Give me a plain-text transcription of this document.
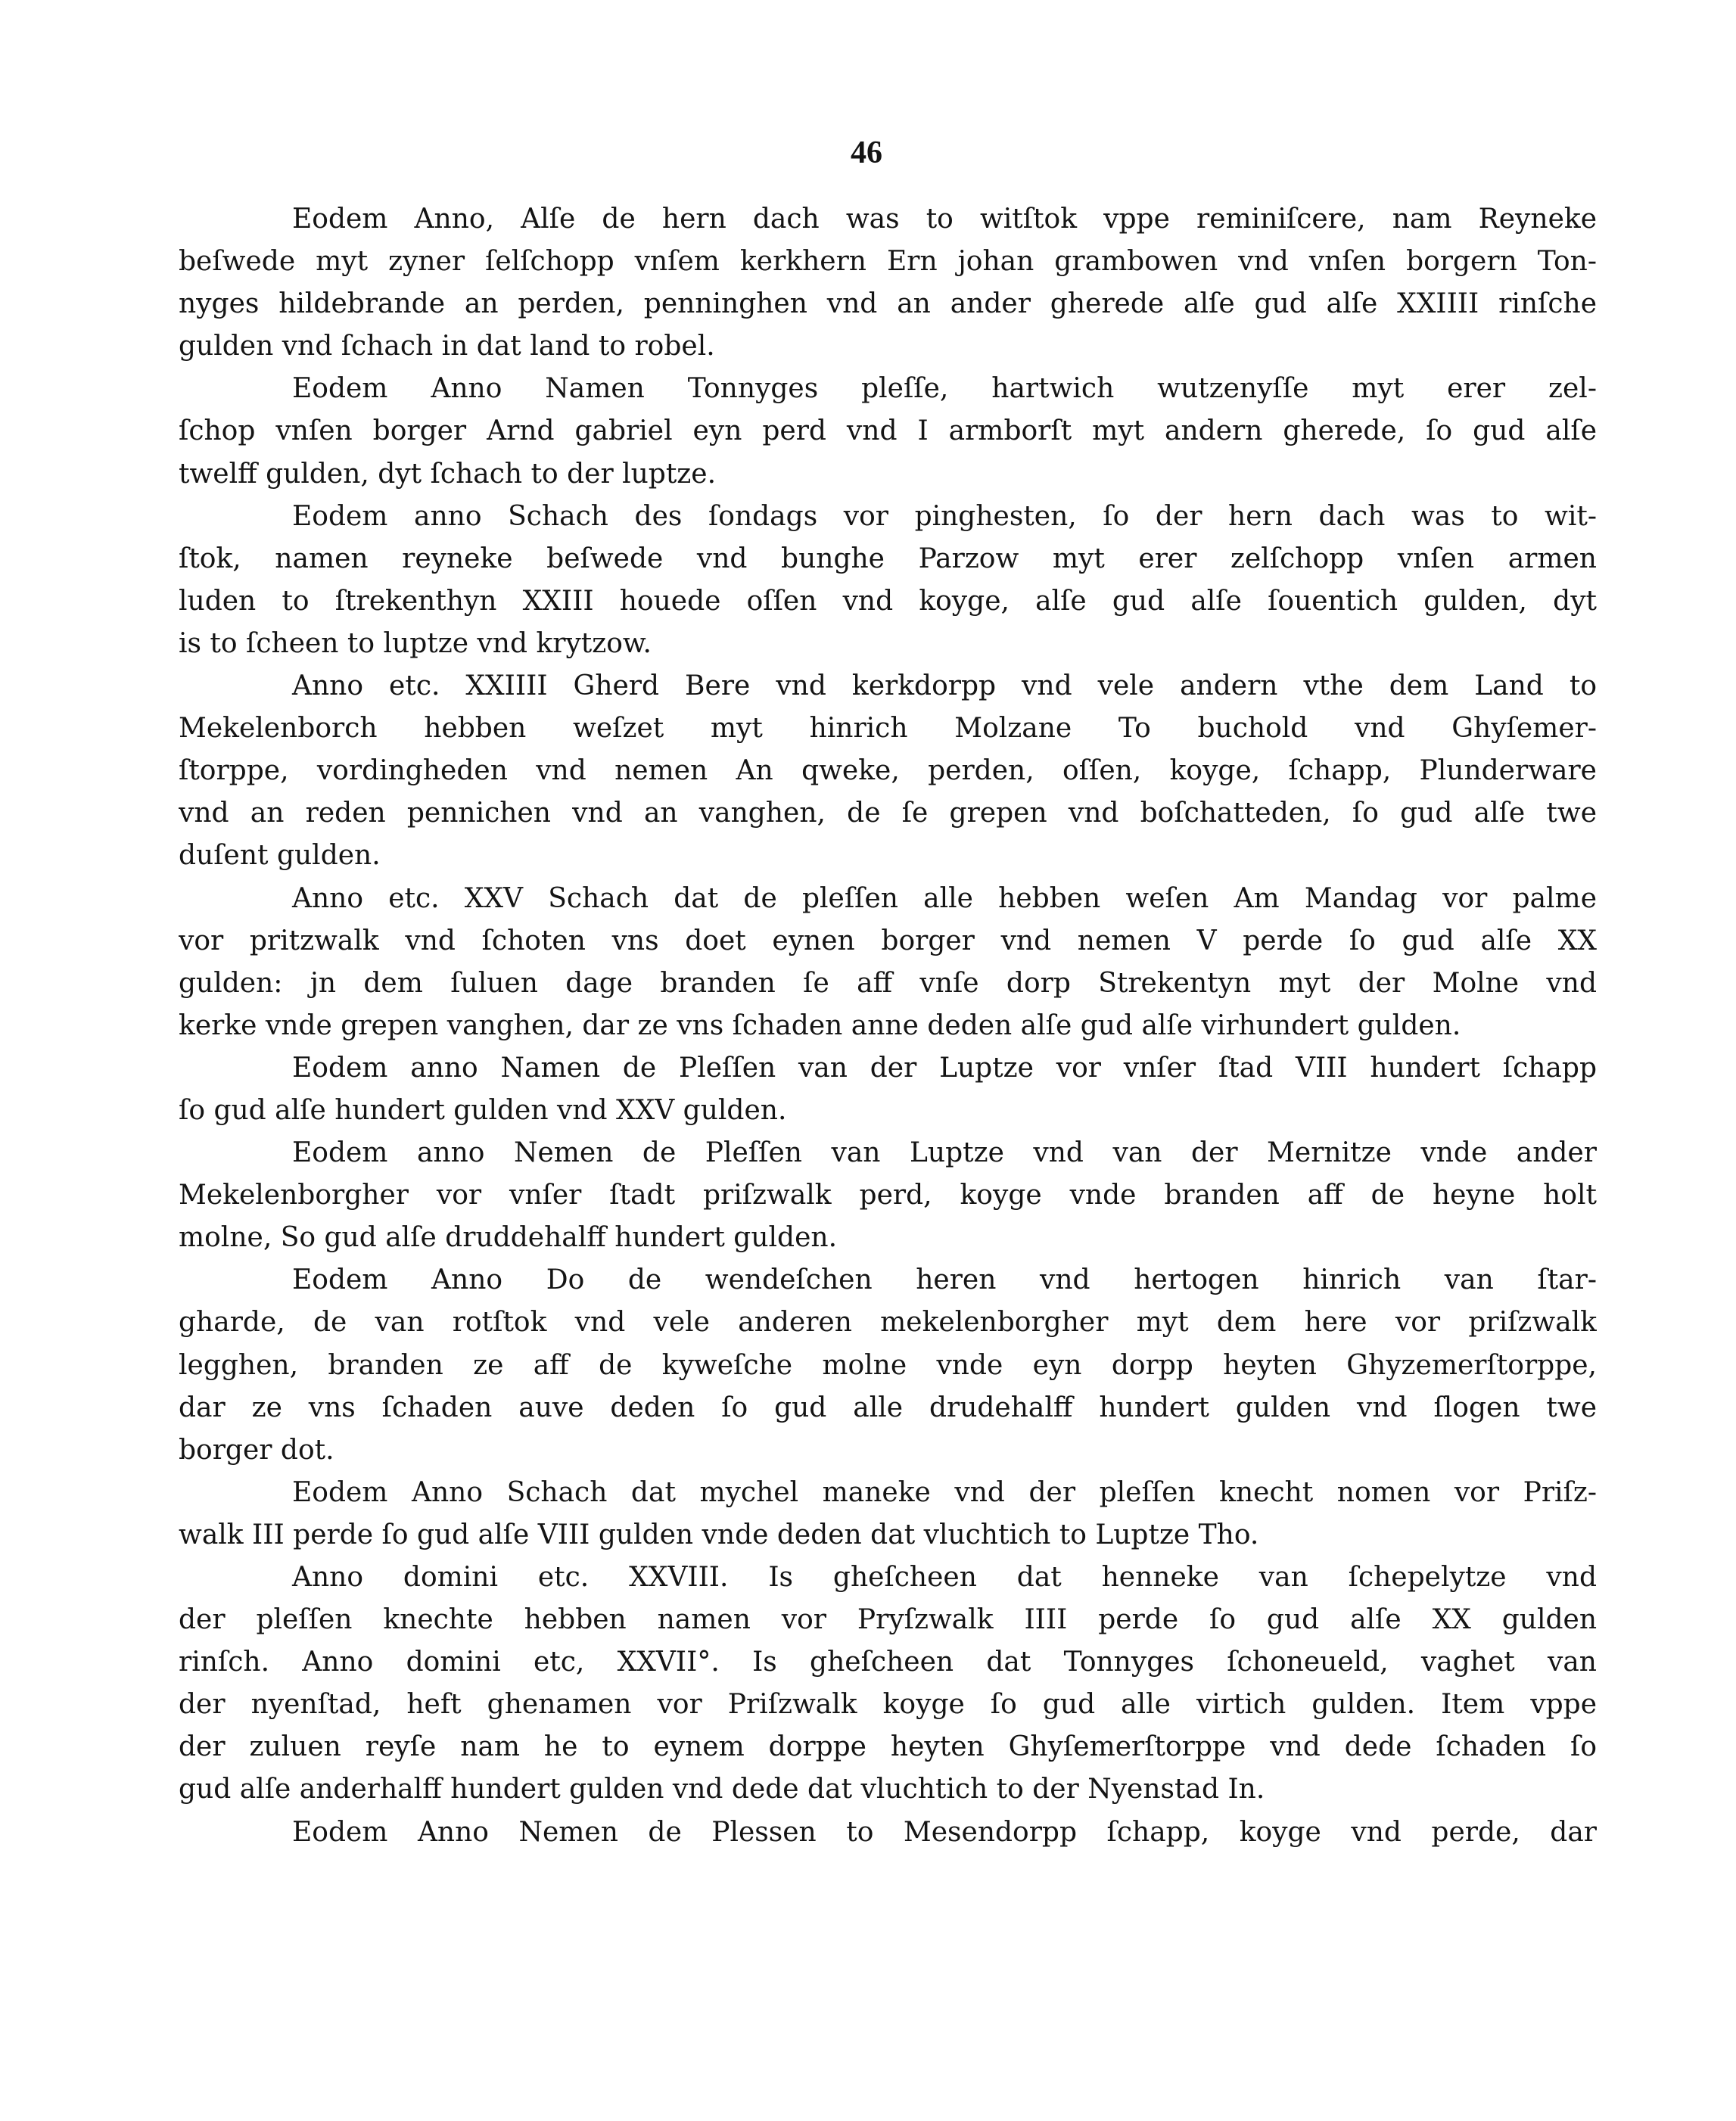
46
Eodem Anno, Alſe de hern dach was to witſtok vppe reminiſcere, nam Reyneke
beſwede myt zyner ſelſchopp vnſem kerkhern Ern johan grambowen vnd vnſen borgern Ton-
nyges hildebrande an perden, penninghen vnd an ander gherede alſe gud alſe XXIIII rinſche
gulden vnd ſchach in dat land to robel.
Eodem Anno Namen Tonnyges pleſſe, hartwich wutzenyſſe myt erer zel-
ſchop vnſen borger Arnd gabriel eyn perd vnd I armborſt myt andern gherede, ſo gud alſe
twelff gulden, dyt ſchach to der luptze.
Eodem anno Schach des ſondags vor pinghesten, ſo der hern dach was to wit-
ſtok, namen reyneke beſwede vnd bunghe Parzow myt erer zelſchopp vnſen armen
luden to ſtrekenthyn XXIII houede oſſen vnd koyge, alſe gud alſe ſouentich gulden, dyt
is to ſcheen to luptze vnd krytzow.
Anno etc. XXIIII Gherd Bere vnd kerkdorpp vnd vele andern vthe dem Land to
Mekelenborch hebben weſzet myt hinrich Molzane To buchold vnd Ghyſemer-
ſtorppe, vordingheden vnd nemen An qweke, perden, oſſen, koyge, ſchapp, Plunderware
vnd an reden pennichen vnd an vanghen, de ſe grepen vnd boſchatteden, ſo gud alſe twe
duſent gulden.
Anno etc. XXV Schach dat de pleſſen alle hebben weſen Am Mandag vor palme
vor pritzwalk vnd ſchoten vns doet eynen borger vnd nemen V perde ſo gud alſe XX
gulden: jn dem ſuluen dage branden ſe aff vnſe dorp Strekentyn myt der Molne vnd
kerke vnde grepen vanghen, dar ze vns ſchaden anne deden alſe gud alſe virhundert gulden.
Eodem anno Namen de Pleſſen van der Luptze vor vnſer ſtad VIII hundert ſchapp
ſo gud alſe hundert gulden vnd XXV gulden.
Eodem anno Nemen de Pleſſen van Luptze vnd van der Mernitze vnde ander
Mekelenborgher vor vnſer ſtadt priſzwalk perd, koyge vnde branden aff de heyne holt
molne, So gud alſe druddehalff hundert gulden.
Eodem Anno Do de wendeſchen heren vnd hertogen hinrich van ſtar-
gharde, de van rotſtok vnd vele anderen mekelenborgher myt dem here vor priſzwalk
legghen, branden ze aff de kyweſche molne vnde eyn dorpp heyten Ghyzemerſtorppe,
dar ze vns ſchaden auve deden ſo gud alle drudehalff hundert gulden vnd ſlogen twe
borger dot.
Eodem Anno Schach dat mychel maneke vnd der pleſſen knecht nomen vor Priſz-
walk III perde ſo gud alſe VIII gulden vnde deden dat vluchtich to Luptze Tho.
Anno domini etc. XXVIII. Is gheſcheen dat henneke van ſchepelytze vnd
der pleſſen knechte hebben namen vor Pryſzwalk IIII perde ſo gud alſe XX gulden
rinſch. Anno domini etc, XXVII°. Is gheſcheen dat Tonnyges ſchoneueld, vaghet van
der nyenſtad, heft ghenamen vor Priſzwalk koyge ſo gud alle virtich gulden. Item vppe
der zuluen reyſe nam he to eynem dorppe heyten Ghyſemerſtorppe vnd dede ſchaden ſo
gud alſe anderhalff hundert gulden vnd dede dat vluchtich to der Nyenstad In.
Eodem Anno Nemen de Plessen to Mesendorpp ſchapp, koyge vnd perde, dar
